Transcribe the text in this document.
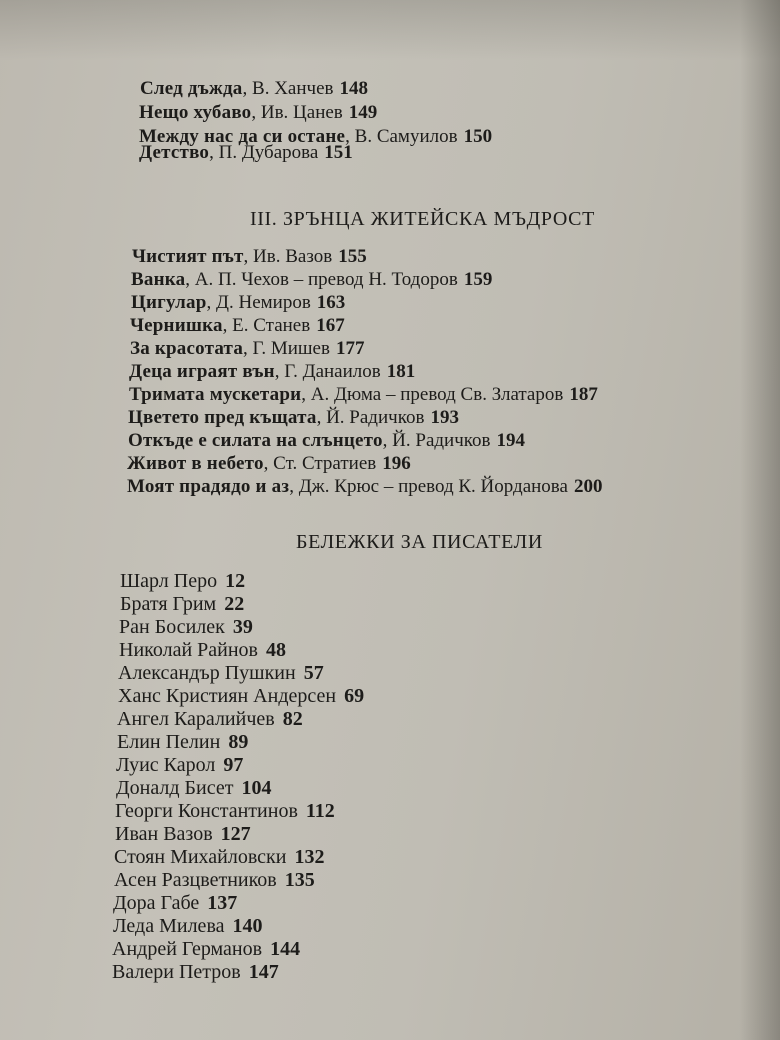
След дъжда, В. Ханчев 148
Нещо хубаво, Ив. Цанев 149
Между нас да си остане, В. Самуилов 150
Детство, П. Дубарова 151
III. ЗРЪНЦА ЖИТЕЙСКА МЪДРОСТ
Чистият път, Ив. Вазов 155
Ванка, А. П. Чехов – превод Н. Тодоров 159
Цигулар, Д. Немиров 163
Чернишка, Е. Станев 167
За красотата, Г. Мишев 177
Деца играят вън, Г. Данаилов 181
Тримата мускетари, А. Дюма – превод Св. Златаров 187
Цветето пред къщата, Й. Радичков 193
Откъде е силата на слънцето, Й. Радичков 194
Живот в небето, Ст. Стратиев 196
Моят прадядо и аз, Дж. Крюс – превод К. Йорданова 200
БЕЛЕЖКИ ЗА ПИСАТЕЛИ
Шарл Перо 12
Братя Грим 22
Ран Босилек 39
Николай Райнов 48
Александър Пушкин 57
Ханс Кристиян Андерсен 69
Ангел Каралийчев 82
Елин Пелин 89
Луис Карол 97
Доналд Бисет 104
Георги Константинов 112
Иван Вазов 127
Стоян Михайловски 132
Асен Разцветников 135
Дора Габе 137
Леда Милева 140
Андрей Германов 144
Валери Петров 147
